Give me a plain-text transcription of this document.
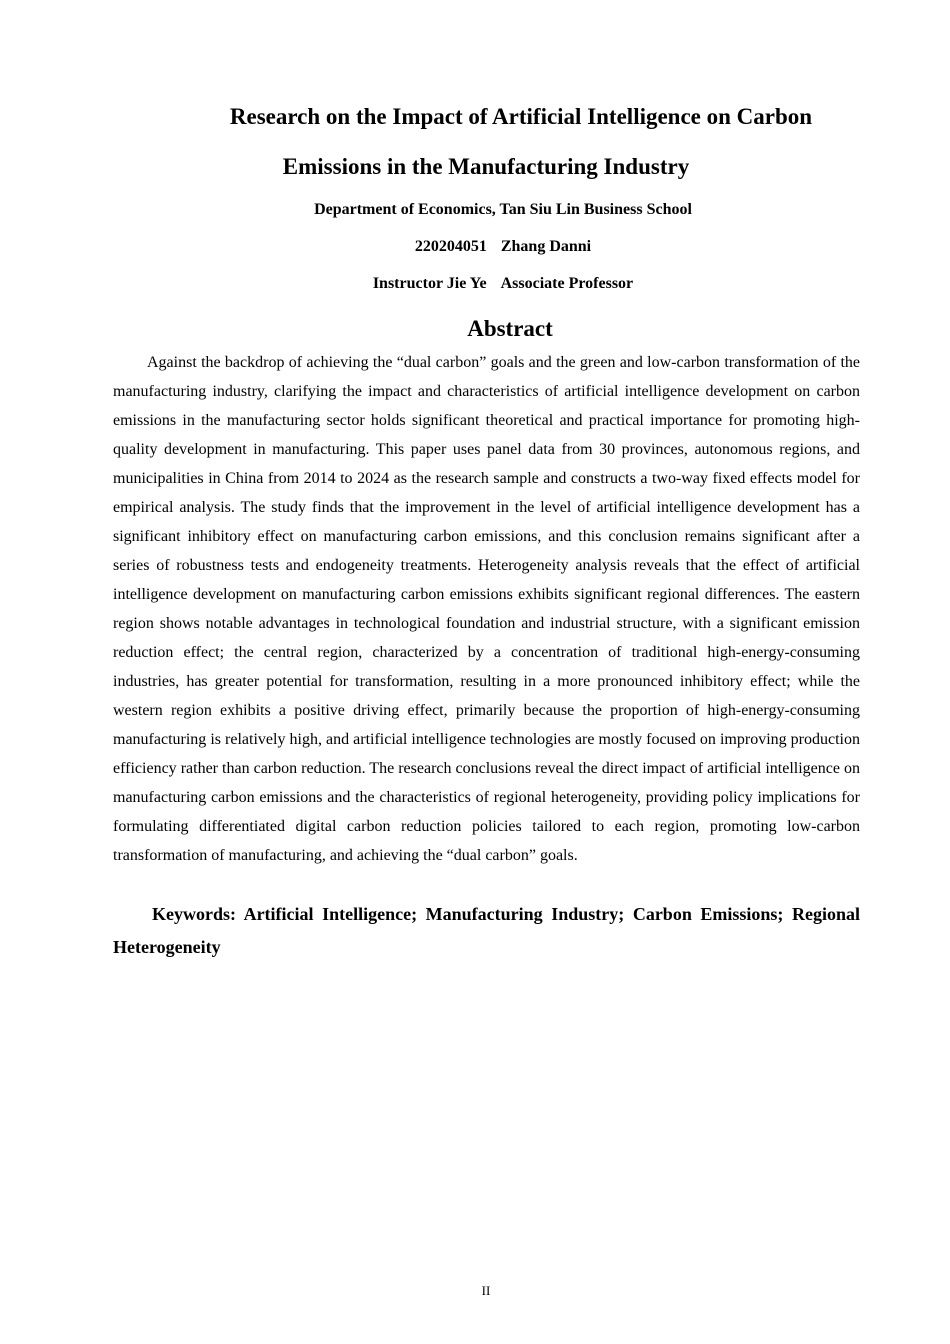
Research on the Impact of Artificial Intelligence on Carbon
Emissions in the Manufacturing Industry
Department of Economics, Tan Siu Lin Business School
220204051 Zhang Danni
Instructor Jie Ye Associate Professor
Abstract

Against the backdrop of achieving the “dual carbon” goals and the green and low-carbon transformation of the manufacturing industry, clarifying the impact and characteristics of artificial intelligence development on carbon emissions in the manufacturing sector holds significant theoretical and practical importance for promoting high-quality development in manufacturing. This paper uses panel data from 30 provinces, autonomous regions, and municipalities in China from 2014 to 2024 as the research sample and constructs a two-way fixed effects model for empirical analysis. The study finds that the improvement in the level of artificial intelligence development has a significant inhibitory effect on manufacturing carbon emissions, and this conclusion remains significant after a series of robustness tests and endogeneity treatments. Heterogeneity analysis reveals that the effect of artificial intelligence development on manufacturing carbon emissions exhibits significant regional differences. The eastern region shows notable advantages in technological foundation and industrial structure, with a significant emission reduction effect; the central region, characterized by a concentration of traditional high-energy-consuming industries, has greater potential for transformation, resulting in a more pronounced inhibitory effect; while the western region exhibits a positive driving effect, primarily because the proportion of high-energy-consuming manufacturing is relatively high, and artificial intelligence technologies are mostly focused on improving production efficiency rather than carbon reduction. The research conclusions reveal the direct impact of artificial intelligence on manufacturing carbon emissions and the characteristics of regional heterogeneity, providing policy implications for formulating differentiated digital carbon reduction policies tailored to each region, promoting low-carbon transformation of manufacturing, and achieving the “dual carbon” goals.

Keywords: Artificial Intelligence; Manufacturing Industry; Carbon Emissions; Regional Heterogeneity

II
